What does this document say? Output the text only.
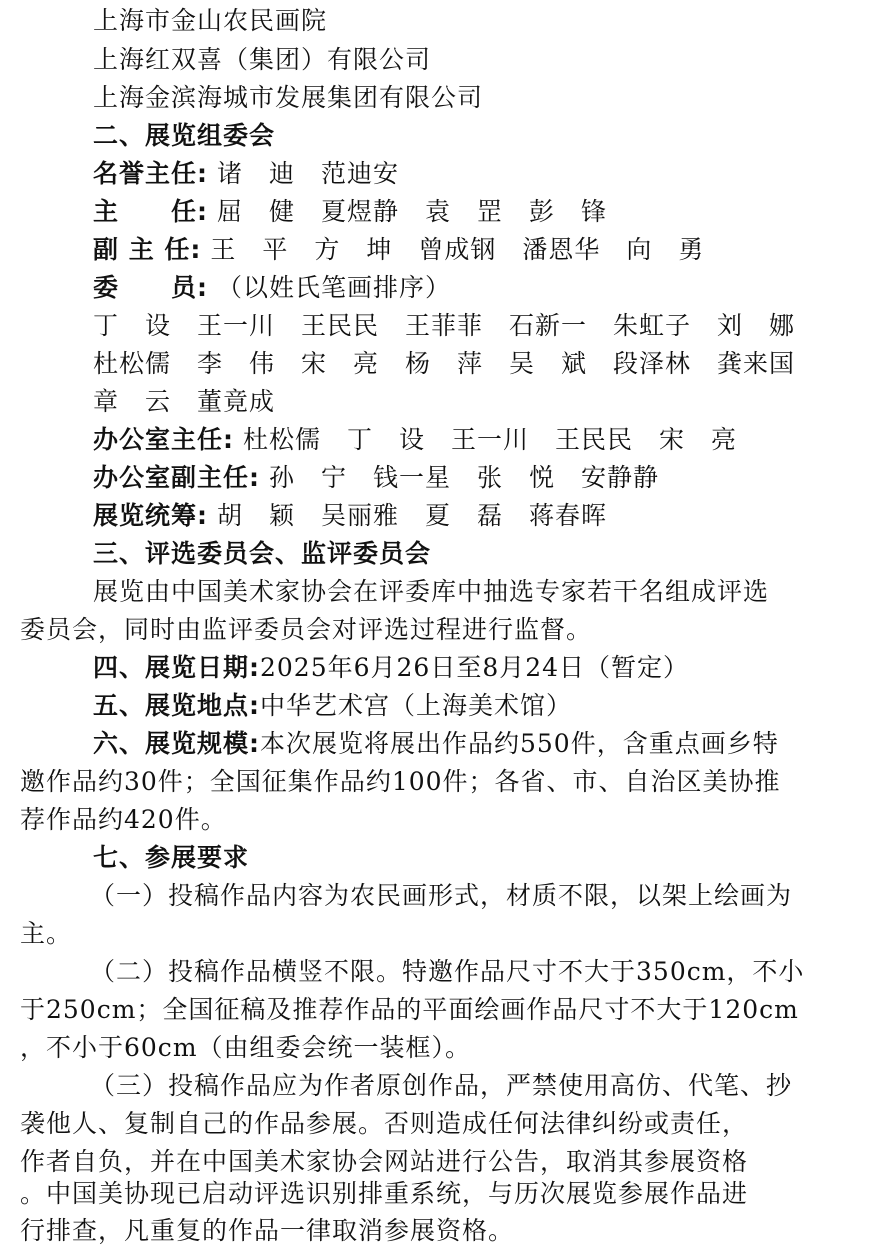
上海市金山农民画院
上海红双喜（集团）有限公司
上海金滨海城市发展集团有限公司
二、展览组委会
名誉主任: 诸　迪　范迪安
主　　任: 屈　健　夏煜静　袁　罡　彭　锋
副 主 任: 王　平　方　坤　曾成钢　潘恩华　向　勇
委　　员: （以姓氏笔画排序）
丁　设　王一川　王民民　王菲菲　石新一　朱虹子　刘　娜
杜松儒　李　伟　宋　亮　杨　萍　吴　斌　段泽林　龚来国
章　云　董竟成
办公室主任: 杜松儒　丁　设　王一川　王民民　宋　亮
办公室副主任: 孙　宁　钱一星　张　悦　安静静
展览统筹: 胡　颖　吴丽雅　夏　磊　蒋春晖
三、评选委员会、监评委员会
展览由中国美术家协会在评委库中抽选专家若干名组成评选
委员会，同时由监评委员会对评选过程进行监督。
四、展览日期:2025年6月26日至8月24日（暂定）
五、展览地点:中华艺术宫（上海美术馆）
六、展览规模:本次展览将展出作品约550件，含重点画乡特
邀作品约30件；全国征集作品约100件；各省、市、自治区美协推
荐作品约420件。
七、参展要求
（一）投稿作品内容为农民画形式，材质不限，以架上绘画为
主。
（二）投稿作品横竖不限。特邀作品尺寸不大于350cm，不小
于250cm；全国征稿及推荐作品的平面绘画作品尺寸不大于120cm
，不小于60cm（由组委会统一装框）。
（三）投稿作品应为作者原创作品，严禁使用高仿、代笔、抄
袭他人、复制自己的作品参展。否则造成任何法律纠纷或责任，
作者自负，并在中国美术家协会网站进行公告，取消其参展资格
。中国美协现已启动评选识别排重系统，与历次展览参展作品进
行排查，凡重复的作品一律取消参展资格。
